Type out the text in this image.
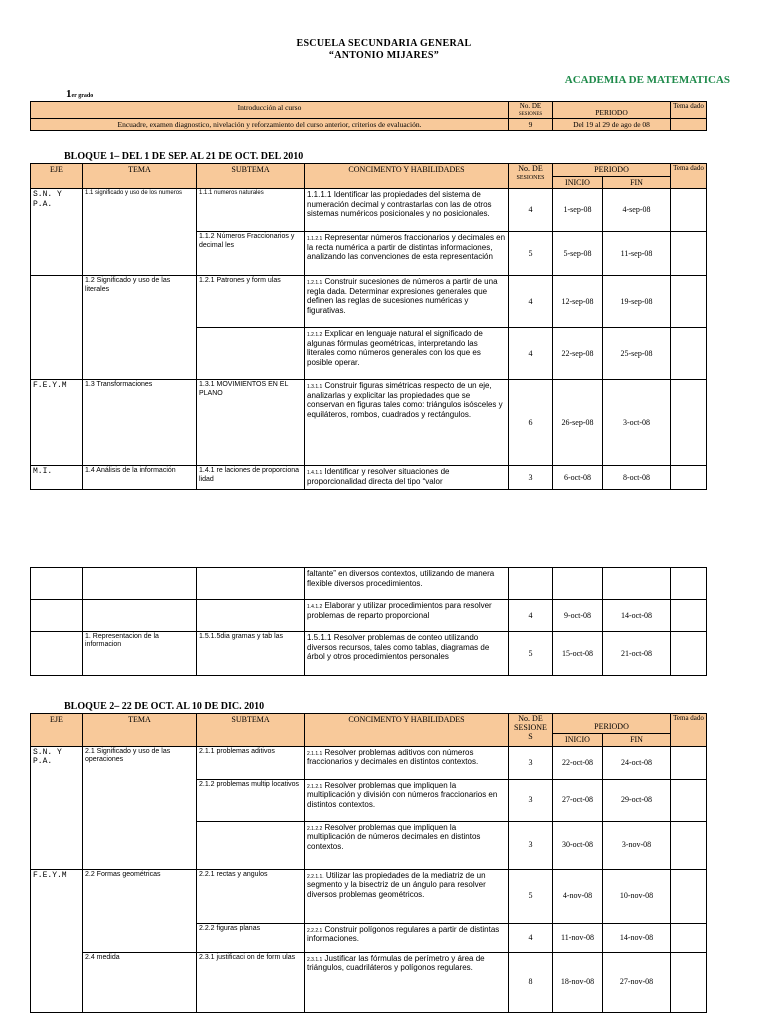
ESCUELA SECUNDARIA GENERAL
“ANTONIO MIJARES”
ACADEMIA DE MATEMATICAS
1er grado
Introducción al curso	No. DE
SESIONES	PERIODO	Tema dado
Encuadre, examen diagnostico, nivelación y reforzamiento del curso anterior, criterios de evaluación.	9	Del 19 al 29 de ago de 08	
BLOQUE 1– DEL 1 DE SEP. AL 21 DE OCT. DEL 2010
EJE	TEMA	SUBTEMA	CONCIMENTO Y HABILIDADES	No. DE
SESIONES	PERIODO		Tema dado
					INICIO	FIN	
S.N. Y P.A.	1.1 significado y uso de los numeros	1.1.1 numeros naturales	1.1.1.1 Identificar las propiedades del sistema de numeración decimal y contrastarlas con las de otros sistemas numéricos posicionales y no posicionales.	4	1-sep-08	4-sep-08	
		1.1.2 Números Fraccionarios y decimal les	1.1.2.1 Representar números fraccionarios y decimales en la recta numérica a partir de distintas informaciones, analizando las convenciones de esta representación	5	5-sep-08	11-sep-08	
	1.2 Significado y uso de las literales	1.2.1 Patrones y form ulas	1.2.1.1 Construir sucesiones de números a partir de una regla dada. Determinar expresiones generales que definen las reglas de sucesiones numéricas y figurativas.	4	12-sep-08	19-sep-08	
			1.2.1.2 Explicar en lenguaje natural el significado de algunas fórmulas geométricas, interpretando las literales como números generales con los que es posible operar.	4	22-sep-08	25-sep-08	
F.E.Y.M	1.3 Transformaciones	1.3.1 MOVIMIENTOS EN EL PLANO	1.3.1.1 Construir figuras simétricas respecto de un eje, analizarlas y explicitar las propiedades que se conservan en figuras tales como: triángulos isósceles y equiláteros, rombos, cuadrados y rectángulos.	6	26-sep-08	3-oct-08	
M.I.	1.4 Análisis de la información	1.4.1 re laciones de proporciona lidad	1.4.1.1 Identificar y resolver situaciones de proporcionalidad directa del tipo “valor	3	6-oct-08	8-oct-08	
			faltante” en diversos contextos, utilizando de manera flexible diversos procedimientos.				
			1.4.1.2 Elaborar y utilizar procedimientos para resolver problemas de reparto proporcional	4	9-oct-08	14-oct-08	
	1. Representacion de la informacion	1.5.1.5dia gramas y tab las	1.5.1.1 Resolver problemas de conteo utilizando diversos recursos, tales como tablas, diagramas de árbol y otros procedimientos personales	5	15-oct-08	21-oct-08	
BLOQUE 2– 22 DE OCT. AL 10 DE DIC. 2010
EJE	TEMA	SUBTEMA	CONCIMENTO Y HABILIDADES	No. DE SESIONE S	PERIODO		Tema dado
					INICIO	FIN	
S.N. Y P.A.	2.1 Significado y uso de las operaciones	2.1.1 problemas aditivos	2.1.1.1 Resolver problemas aditivos con números fraccionarios y decimales en distintos contextos.	3	22-oct-08	24-oct-08	
		2.1.2 problemas multip locativos	2.1.2.1 Resolver problemas que impliquen la multiplicación y división con números fraccionarios en distintos contextos.	3	27-oct-08	29-oct-08	
			2.1.2.2 Resolver problemas que impliquen la multiplicación de números decimales en distintos contextos.	3	30-oct-08	3-nov-08	
F.E.Y.M	2.2 Formas geométricas	2.2.1 rectas y angulos	2.2.1.1. Utilizar las propiedades de la mediatriz de un segmento y la bisectriz de un ángulo para resolver diversos problemas geométricos.	5	4-nov-08	10-nov-08	
		2.2.2 figuras planas	2.2.2.1 Construir polígonos regulares a partir de distintas informaciones.	4	11-nov-08	14-nov-08	
	2.4 medida	2.3.1 justificaci on de form ulas	2.3.1.1 Justificar las fórmulas de perímetro y área de triángulos, cuadriláteros y polígonos regulares.	8	18-nov-08	27-nov-08	
